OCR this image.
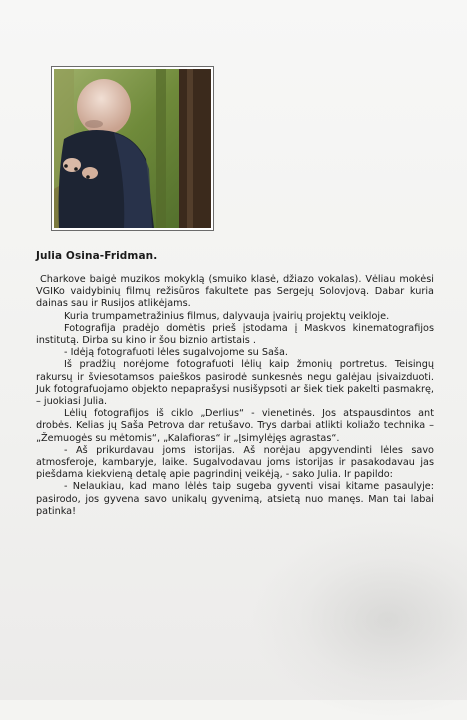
Julia Osina-Fridman.

Charkove baigė muzikos mokyklą (smuiko klasė, džiazo vokalas). Vėliau mokėsi VGIKo vaidybinių filmų režisūros fakultete pas Sergejų Solovjovą. Dabar kuria dainas sau ir Rusijos atlikėjams.

Kuria trumpametražinius filmus, dalyvauja įvairių projektų veikloje.

Fotografija pradėjo domėtis prieš įstodama į Maskvos kinematografijos institutą. Dirba su kino ir šou biznio artistais .

- Idėją fotografuoti lėles sugalvojome su Saša.

Iš pradžių norėjome fotografuoti lėlių kaip žmonių portretus. Teisingų rakursų ir šviesotamsos paieškos pasirodė sunkesnės negu galėjau įsivaizduoti. Juk fotografuojamo objekto nepaprašysi nusišypsoti ar šiek tiek pakelti pasmakrę, – juokiasi Julia.

Lėlių fotografijos iš ciklo „Derlius“ - vienetinės. Jos atspausdintos ant drobės. Kelias jų Saša Petrova dar retušavo. Trys darbai atlikti koliažo technika – „Žemuogės su mėtomis“, „Kalafioras“ ir „Įsimylėjęs agrastas“.

- Aš prikurdavau joms istorijas. Aš norėjau apgyvendinti lėles savo atmosferoje, kambaryje, laike. Sugalvodavau joms istorijas ir pasakodavau jas piešdama kiekvieną detalę apie pagrindinį veikėją, - sako Julia. Ir papildo:

- Nelaukiau, kad mano lėlės taip sugeba gyventi visai kitame pasaulyje: pasirodo, jos gyvena savo unikalų gyvenimą, atsietą nuo manęs. Man tai labai patinka!
